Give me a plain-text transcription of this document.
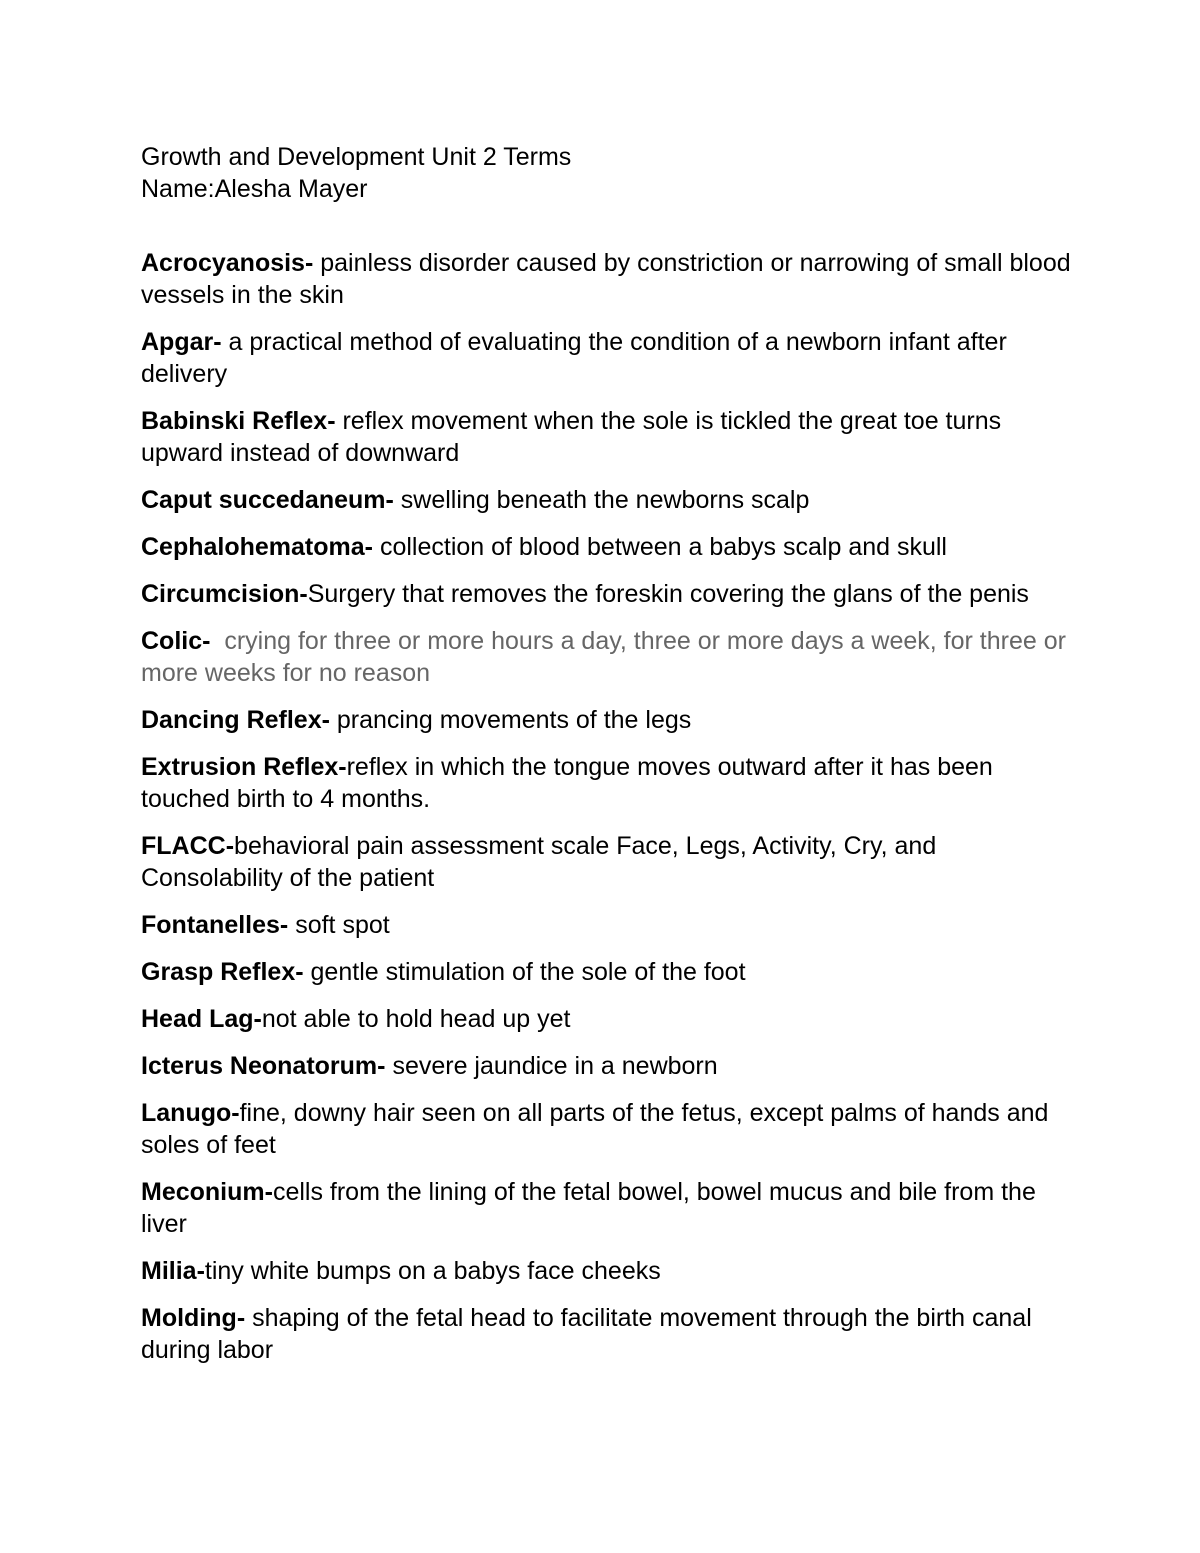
Growth and Development Unit 2 Terms
Name:Alesha Mayer
Acrocyanosis- painless disorder caused by constriction or narrowing of small blood vessels in the skin
Apgar- a practical method of evaluating the condition of a newborn infant after delivery
Babinski Reflex- reflex movement when the sole is tickled the great toe turns upward instead of downward
Caput succedaneum- swelling beneath the newborns scalp
Cephalohematoma- collection of blood between a babys scalp and skull
Circumcision-Surgery that removes the foreskin covering the glans of the penis
Colic-  crying for three or more hours a day, three or more days a week, for three or more weeks for no reason
Dancing Reflex- prancing movements of the legs
Extrusion Reflex-reflex in which the tongue moves outward after it has been touched birth to 4 months.
FLACC-behavioral pain assessment scale Face, Legs, Activity, Cry, and Consolability of the patient
Fontanelles- soft spot
Grasp Reflex- gentle stimulation of the sole of the foot
Head Lag-not able to hold head up yet
Icterus Neonatorum- severe jaundice in a newborn
Lanugo-fine, downy hair seen on all parts of the fetus, except palms of hands and soles of feet
Meconium-cells from the lining of the fetal bowel, bowel mucus and bile from the liver
Milia-tiny white bumps on a babys face cheeks
Molding- shaping of the fetal head to facilitate movement through the birth canal during labor
